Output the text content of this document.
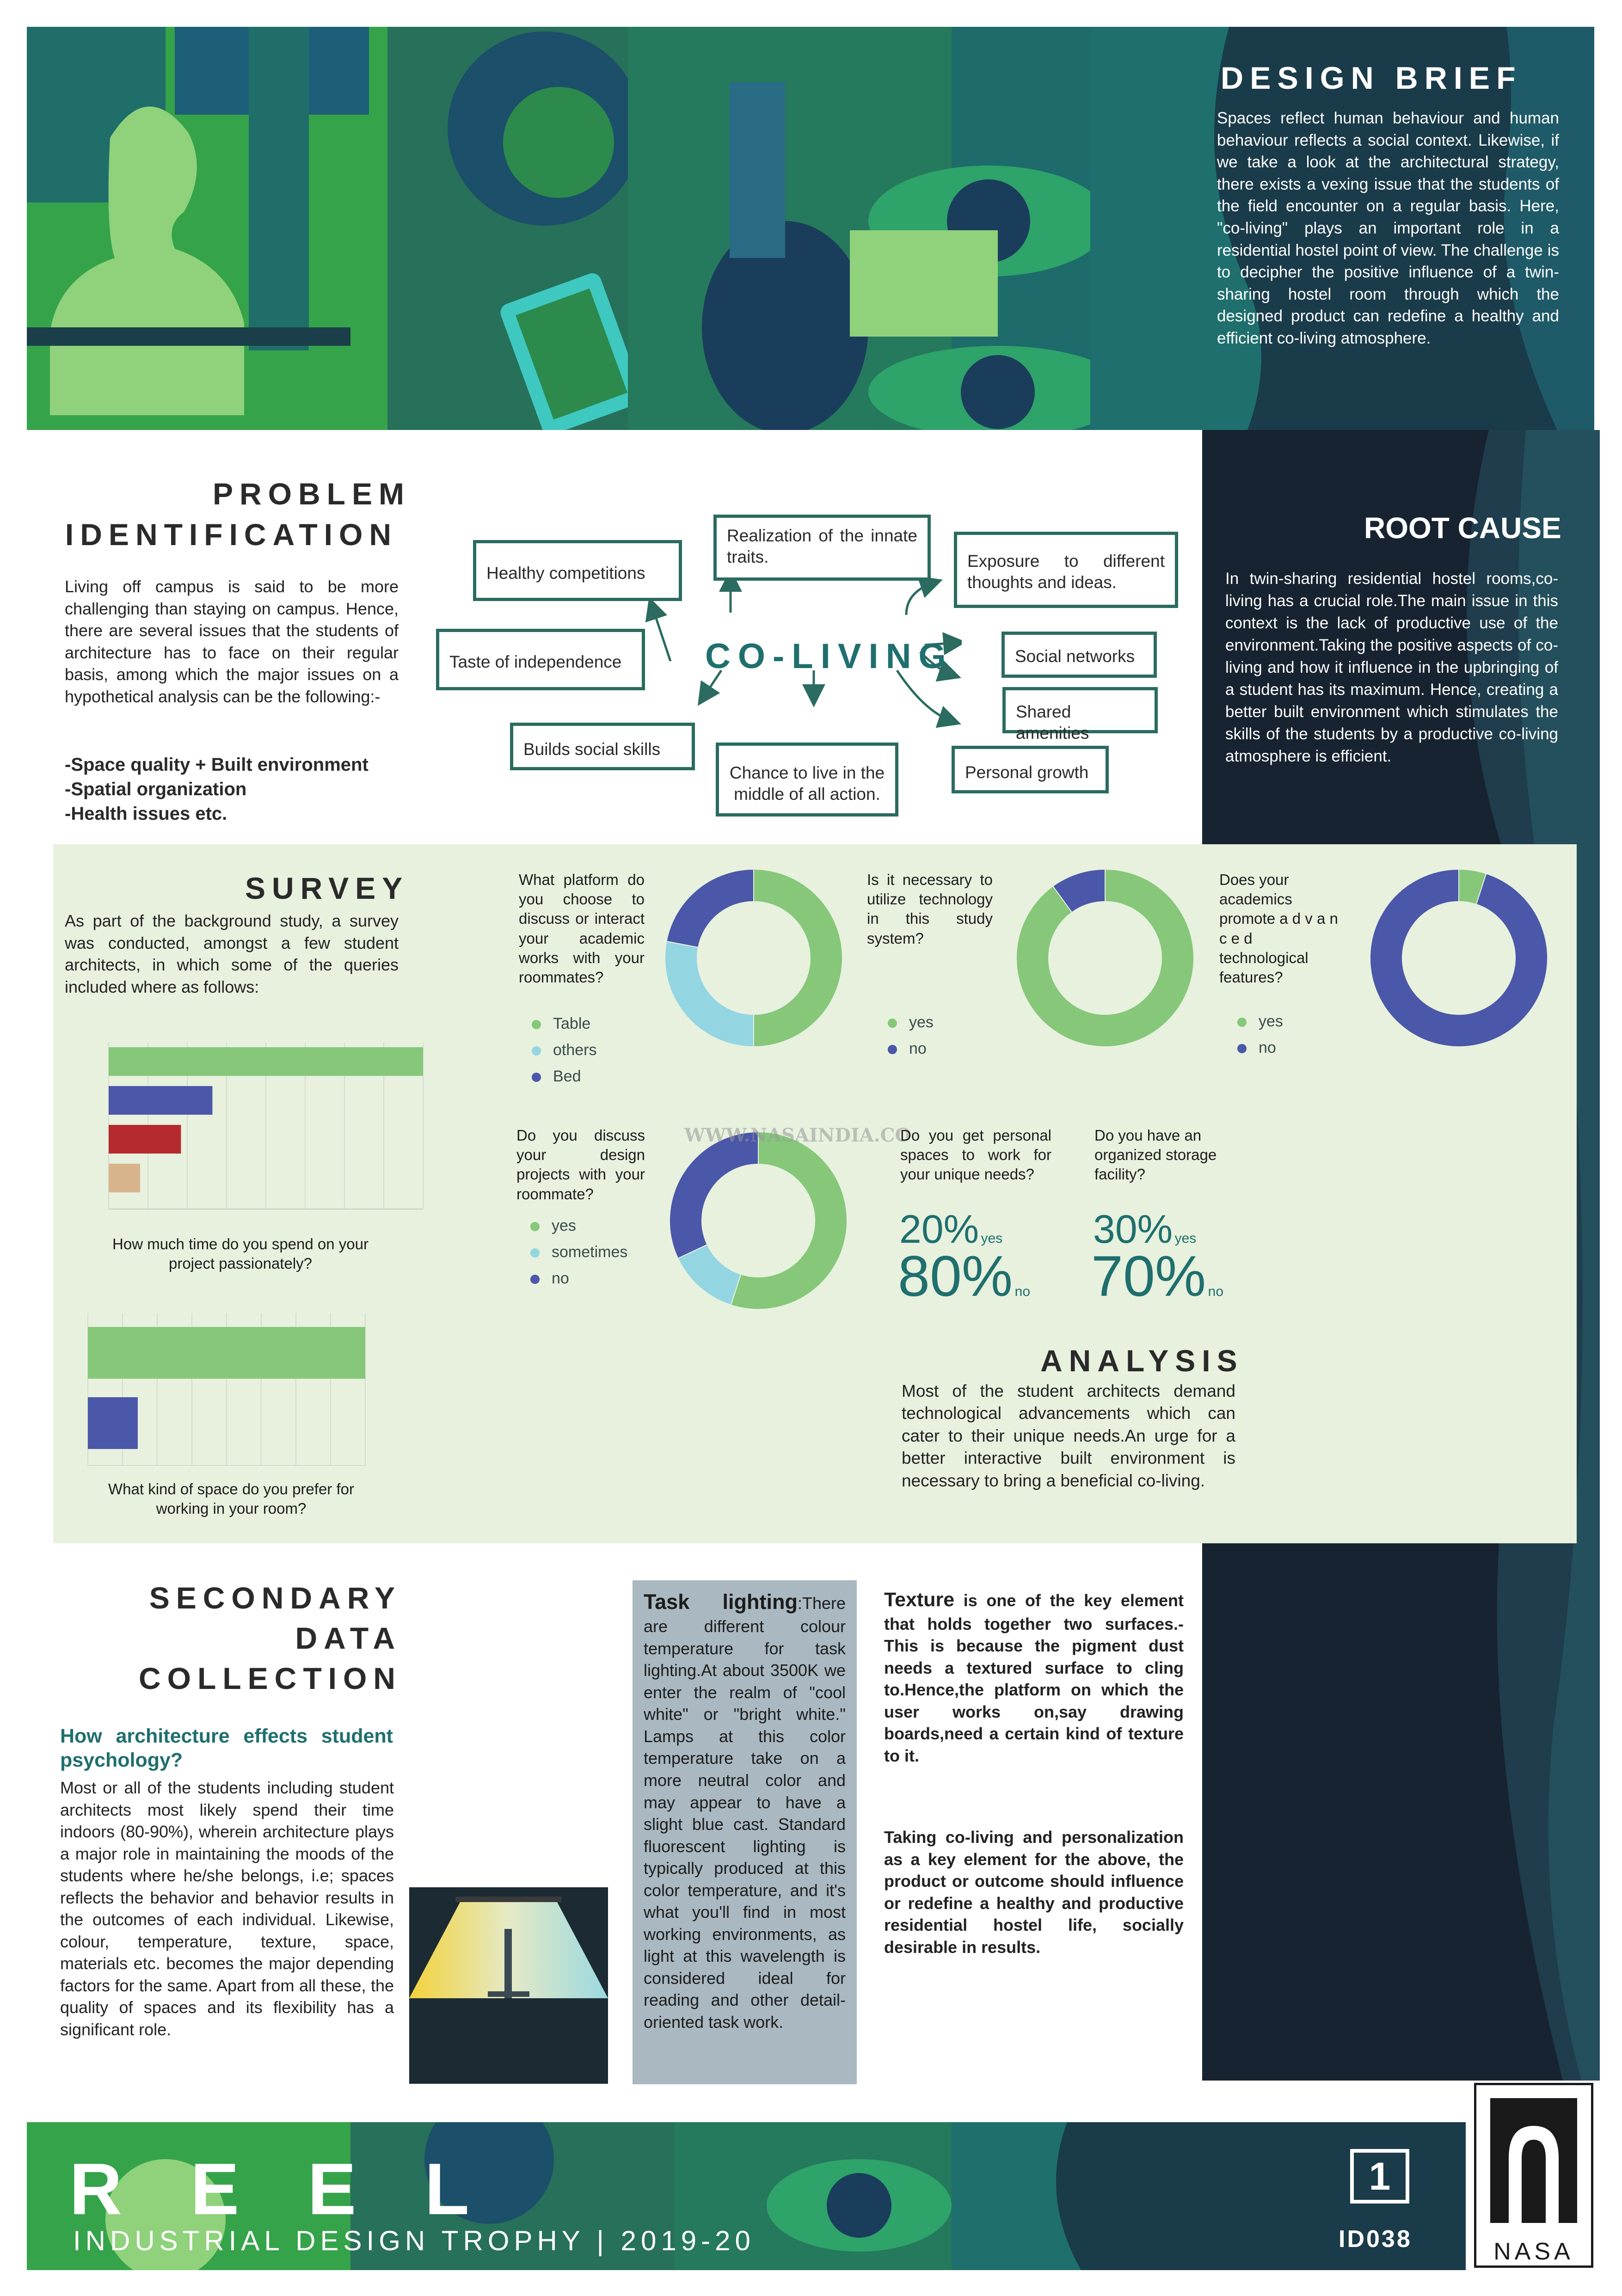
DESIGN BRIEF
Spaces reflect human behaviour and human behaviour reflects a social context. Likewise, if we take a look at the architectural strategy, there exists a vexing issue that the students of the field encounter on a regular basis. Here, "co-living" plays an important role in a residential hostel point of view. The challenge is to decipher the positive influence of a twin-sharing hostel room through which the designed product can redefine a healthy and efficient co-living atmosphere.
ROOT CAUSE
In twin-sharing residential hostel rooms,co-living has a crucial role.The main issue in this context is the lack of productive use of the environment.Taking the positive aspects of co-living and how it influence in the upbringing of a student has its maximum. Hence, creating a better built environment which stimulates the skills of the students by a productive co-living atmosphere is efficient.
PROBLEM
IDENTIFICATION
Living off campus is said to be more challenging than staying on campus. Hence, there are several issues that the students of architecture has to face on their regular basis, among which the major issues on a hypothetical analysis can be the following:-
-Space quality + Built environment
-Spatial organization
-Health issues etc.
Healthy competitions
Realization of the innate traits.	Exposure to different thoughts and ideas.
Taste of independence	CO-LIVING	Social networks
Shared amenities
Builds social skills
Chance to live in the middle of all action.
Personal growth
SURVEY
As part of the background study, a survey was conducted, amongst a few student architects, in which some of the queries included where as follows:
How much time do you spend on your project passionately?
What kind of space do you prefer for working in your room?
What platform do you choose to discuss or interact your academic works with your roommates?
Table
others
Bed
Is it necessary to utilize technology in this study system?
yes
no
Does your academics promote a d v a n c e d technological features?
yes
no
Do you discuss your design projects with your roommate?
yes
sometimes
no
WWW.NASAINDIA.CO
Do you get personal spaces to work for your unique needs?
20% yes
80% no
Do you have an organized storage facility?
30% yes
70% no
ANALYSIS
Most of the student architects demand technological advancements which can cater to their unique needs.An urge for a better interactive built environment is necessary to bring a beneficial co-living.
SECONDARY
DATA
COLLECTION
How architecture effects student psychology?
Most or all of the students including student architects most likely spend their time indoors (80-90%), wherein architecture plays a major role in maintaining the moods of the students where he/she belongs, i.e; spaces reflects the behavior and behavior results in the outcomes of each individual. Likewise, colour, temperature, texture, space, materials etc. becomes the major depending factors for the same. Apart from all these, the quality of spaces and its flexibility has a significant role.
Task lighting:There are different colour temperature for task lighting.At about 3500K we enter the realm of "cool white" or "bright white." Lamps at this color temperature take on a more neutral color and may appear to have a slight blue cast. Standard fluorescent lighting is typically produced at this color temperature, and it's what you'll find in most working environments, as light at this wavelength is considered ideal for reading and other detail-oriented task work.
Texture is one of the key element that holds together two surfaces.- This is because the pigment dust needs a textured surface to cling to.Hence,the platform on which the user works on,say drawing boards,need a certain kind of texture to it.
Taking co-living and personalization as a key element for the above, the product or outcome should influence or redefine a healthy and productive residential hostel life, socially desirable in results.
R  E  E  L
INDUSTRIAL DESIGN TROPHY | 2019-20
1
ID038	NASA
